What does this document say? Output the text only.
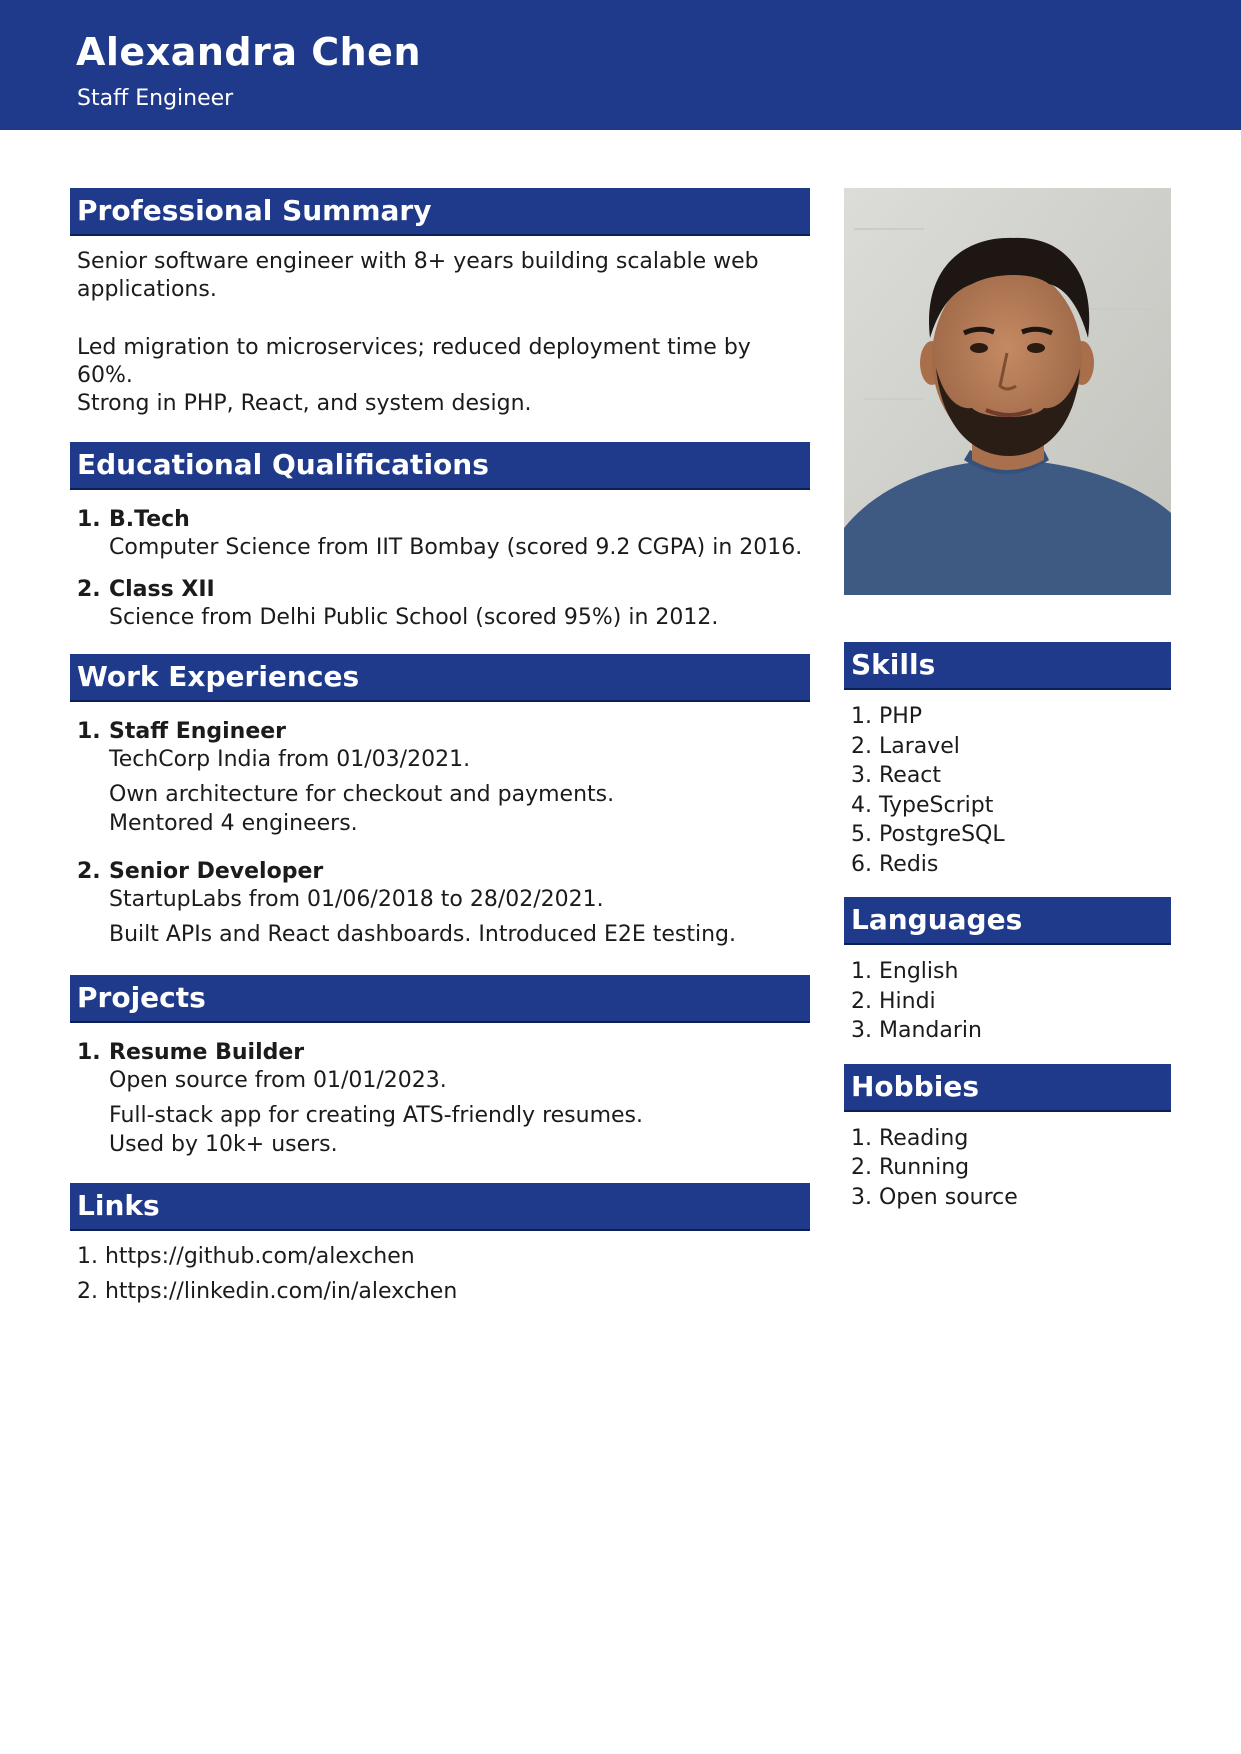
Alexandra Chen
Staff Engineer
Professional Summary
Senior software engineer with 8+ years building scalable web applications.
Led migration to microservices; reduced deployment time by 60%.
Strong in PHP, React, and system design.
Educational Qualifications
1. B.Tech
Computer Science from IIT Bombay (scored 9.2 CGPA) in 2016.
2. Class XII
Science from Delhi Public School (scored 95%) in 2012.
Work Experiences
1. Staff Engineer
TechCorp India from 01/03/2021.
Own architecture for checkout and payments.
Mentored 4 engineers.
2. Senior Developer
StartupLabs from 01/06/2018 to 28/02/2021.
Built APIs and React dashboards. Introduced E2E testing.
Projects
1. Resume Builder
Open source from 01/01/2023.
Full-stack app for creating ATS-friendly resumes.
Used by 10k+ users.
Links
1. https://github.com/alexchen
2. https://linkedin.com/in/alexchen
Skills
1. PHP
2. Laravel
3. React
4. TypeScript
5. PostgreSQL
6. Redis
Languages
1. English
2. Hindi
3. Mandarin
Hobbies
1. Reading
2. Running
3. Open source
